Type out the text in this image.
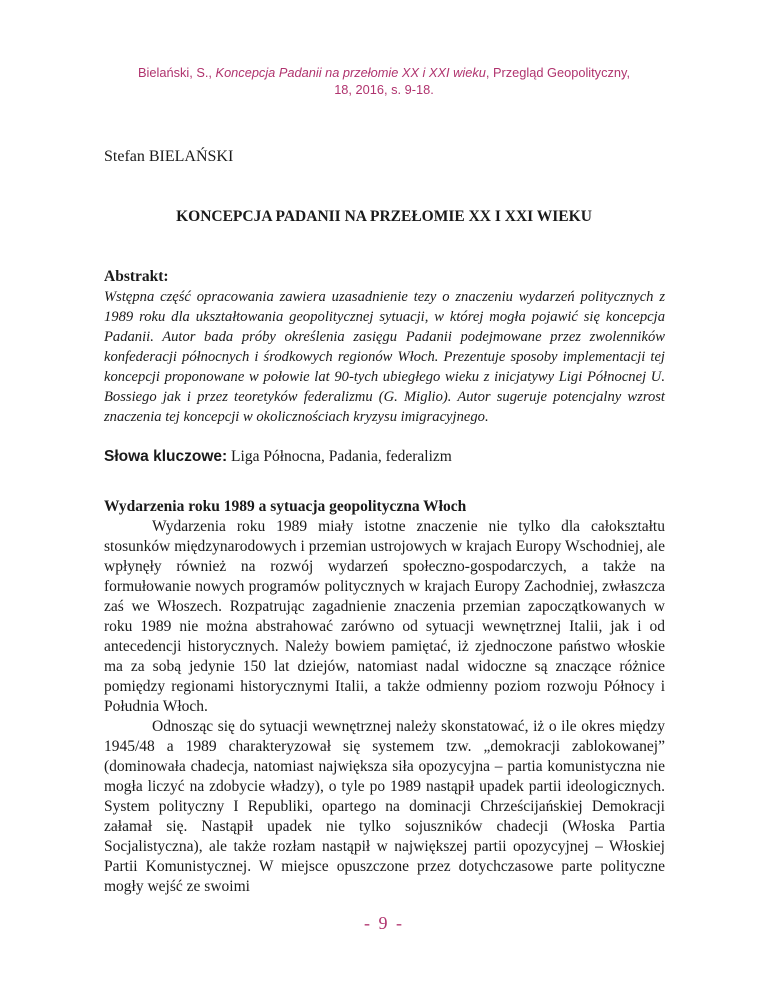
Bielański, S., Koncepcja Padanii na przełomie XX i XXI wieku, Przegląd Geopolityczny,
18, 2016, s. 9-18.
Stefan BIELAŃSKI
KONCEPCJA PADANII NA PRZEŁOMIE XX I XXI WIEKU
Abstrakt:

Wstępna część opracowania zawiera uzasadnienie tezy o znaczeniu wydarzeń politycznych z 1989 roku dla ukształtowania geopolitycznej sytuacji, w której mogła pojawić się koncepcja Padanii. Autor bada próby określenia zasięgu Padanii podejmowane przez zwolenników konfederacji północnych i środkowych regionów Włoch. Prezentuje sposoby implementacji tej koncepcji proponowane w połowie lat 90-tych ubiegłego wieku z inicjatywy Ligi Północnej U. Bossiego jak i przez teoretyków federalizmu (G. Miglio). Autor sugeruje potencjalny wzrost znaczenia tej koncepcji w okolicznościach kryzysu imigracyjnego.

Słowa kluczowe: Liga Północna, Padania, federalizm
Wydarzenia roku 1989 a sytuacja geopolityczna Włoch

Wydarzenia roku 1989 miały istotne znaczenie nie tylko dla całokształtu stosunków międzynarodowych i przemian ustrojowych w krajach Europy Wschodniej, ale wpłynęły również na rozwój wydarzeń społeczno-gospodarczych, a także na formułowanie nowych programów politycznych w krajach Europy Zachodniej, zwłaszcza zaś we Włoszech. Rozpatrując zagadnienie znaczenia przemian zapoczątkowanych w roku 1989 nie można abstrahować zarówno od sytuacji wewnętrznej Italii, jak i od antecedencji historycznych. Należy bowiem pamiętać, iż zjednoczone państwo włoskie ma za sobą jedynie 150 lat dziejów, natomiast nadal widoczne są znaczące różnice pomiędzy regionami historycznymi Italii, a także odmienny poziom rozwoju Północy i Południa Włoch.

Odnosząc się do sytuacji wewnętrznej należy skonstatować, iż o ile okres między 1945/48 a 1989 charakteryzował się systemem tzw. „demokracji zablokowanej” (dominowała chadecja, natomiast największa siła opozycyjna – partia komunistyczna nie mogła liczyć na zdobycie władzy), o tyle po 1989 nastąpił upadek partii ideologicznych. System polityczny I Republiki, opartego na dominacji Chrześcijańskiej Demokracji załamał się. Nastąpił upadek nie tylko sojuszników chadecji (Włoska Partia Socjalistyczna), ale także rozłam nastąpił w największej partii opozycyjnej – Włoskiej Partii Komunistycznej. W miejsce opuszczone przez dotychczasowe parte polityczne mogły wejść ze swoimi

- 9 -
